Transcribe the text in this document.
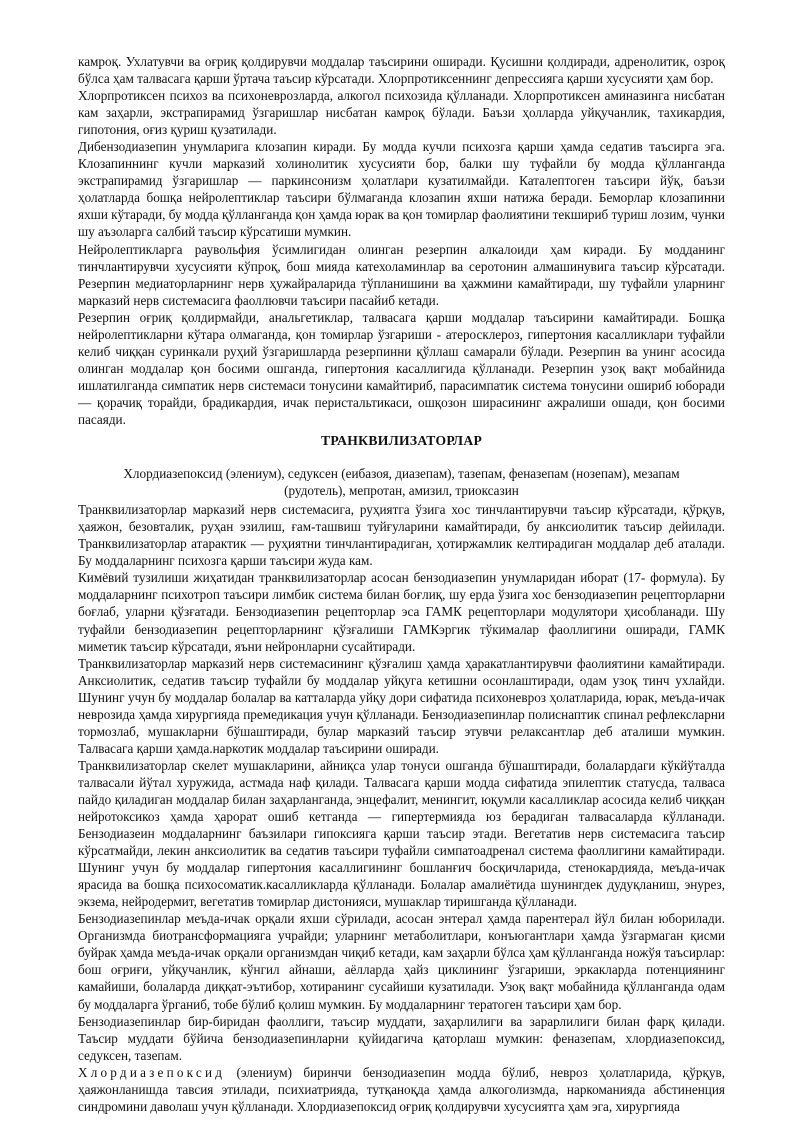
камроқ. Ухлатувчи ва оғриқ қолдирувчи моддалар таъсирини оширади. Қусишни қолдиради, адренолитик, озроқ бўлса ҳам талвасага қарши ўртача таъсир кўрсатади. Хлорпротиксеннинг депрессияга қарши хусусияти ҳам бор.

Хлорпротиксен психоз ва психоневрозларда, алкогол психозида қўлланади. Хлорпротиксен аминазинга нисбатан кам заҳарли, экстрапирамид ўзгаришлар нисбатан камроқ бўлади. Баъзи ҳолларда уйқучанлик, тахикардия, гипотония, оғиз қуриш қузатилади.

Дибензодиазепин унумларига клозапин киради. Бу модда кучли психозга қарши ҳамда седатив таъсирга эга. Клозапиннинг кучли марказий холинолитик хусусияти бор, балки шу туфайли бу модда қўлланганда экстрапирамид ўзгаришлар — паркинсонизм ҳолатлари кузатилмайди. Каталептоген таъсири йўқ, баъзи ҳолатларда бошқа нейролептиклар таъсири бўлмаганда клозапин яхши натижа беради. Беморлар клозапинни яхши кўтаради, бу модда қўлланганда қон ҳамда юрак ва қон томирлар фаолиятини текшириб туриш лозим, чунки шу аъзоларга салбий таъсир кўрсатиши мумкин.

Нейролептикларга раувольфия ўсимлигидан олинган резерпин алкалоиди ҳам киради. Бу модданинг тинчлантирувчи хусусияти кўпроқ, бош мияда катехоламинлар ва серотонин алмашинувига таъсир кўрсатади. Резерпин медиаторларнинг нерв ҳужайраларида тўпланишини ва ҳажмини камайтиради, шу туфайли уларнинг марказий нерв системасига фаоллювчи таъсири пасайиб кетади.

Резерпин оғриқ қолдирмайди, анальгетиклар, талвасага қарши моддалар таъсирини камайтиради. Бошқа нейролептикларни кўтара олмаганда, қон томирлар ўзгариши - атеросклероз, гипертония касалликлари туфайли келиб чиққан суринкали руҳий ўзгаришларда резерпинни қўллаш самарали бўлади. Резерпин ва унинг асосида олинган моддалар қон босими ошганда, гипертония касаллигида қўлланади. Резерпин узоқ вақт мобайнида ишлатилганда симпатик нерв системаси тонусини камайтириб, парасимпатик система тонусини ошириб юборади — қорачиқ торайди, брадикардия, ичак перистальтикаси, ошқозон ширасининг ажралиши ошади, қон босими пасаяди.

ТРАНКВИЛИЗАТОРЛАР
Хлордиазепоксид (элениум), седуксен (еибазоя, диазепам), тазепам, феназепам (нозепам), мезапам
(рудотель), мепротан, амизил, триоксазин

Транквилизаторлар марказий нерв системасига, руҳиятга ўзига хос тинчлантирувчи таъсир кўрсатади, қўрқув, ҳаяжон, безовталик, руҳан эзилиш, ғам-ташвиш туйғуларини камайтиради, бу анксиолитик таъсир дейилади. Транквилизаторлар атарактик — руҳиятни тинчлантирадиган, ҳотиржамлик келтирадиган моддалар деб аталади. Бу моддаларнинг психозга қарши таъсири жуда кам.

Кимёвий тузилиши жиҳатидан транквилизаторлар асосан бензодиазепин унумларидан иборат (17- формула). Бу моддаларнинг психотроп таъсири лимбик система билан боғлиқ, шу ерда ўзига хос бензодиазепин рецепторларни боғлаб, уларни қўзғатади. Бензодиазепин рецепторлар эса ГАМК рецепторлари модулятори ҳисобланади. Шу туфайли бензодиазепин рецепторларнинг қўзғалиши ГАМКэргик тўкималар фаоллигини оширади, ГАМК миметик таъсир кўрсатади, яъни нейронларни сусайтиради.

Транквилизаторлар марказий нерв системасининг қўзғалиш ҳамда ҳаракатлантирувчи фаолиятини камайтиради. Анксиолитик, седатив таъсир туфайли бу моддалар уйқуга кетишни осонлаштиради, одам узоқ тинч ухлайди. Шунинг учун бу моддалар болалар ва катталарда уйқу дори сифатида психоневроз ҳолатларида, юрак, меъда-ичак неврозида ҳамда хирургияда премедикация учун қўлланади. Бензодиазепинлар полиснаптик спинал рефлексларни тормозлаб, мушакларни бўшаштиради, булар марказий таъсир этувчи релаксантлар деб аталиши мумкин. Талвасага қарши ҳамда.наркотик моддалар таъсирини оширади.

Транквилизаторлар скелет мушакларини, айниқса улар тонуси ошганда бўшаштиради, болалардаги кўкйўталда талвасали йўтал хуружида, астмада наф қилади. Талвасага қарши модда сифатида эпилептик статусда, талваса пайдо қиладиган моддалар билан заҳарланганда, энцефалит, менингит, юқумли касалликлар асосида келиб чиққан нейротоксикоз ҳамда ҳарорат ошиб кетганда — гипертермияда юз берадиган талвасаларда кўлланади. Бензодиазеин моддаларнинг баъзилари гипоксияга қарши таъсир этади. Вегетатив нерв системасига таъсир кўрсатмайди, лекин анксиолитик ва седатив таъсири туфайли симпатоадренал система фаоллигини камайтиради. Шунинг учун бу моддалар гипертония касаллигининг бошланғич босқичларида, стенокардияда, меъда-ичак ярасида ва бошқа психосоматик.касалликларда қўлланади. Болалар амалиётида шунингдек дудуқланиш, энурез, экзема, нейродермит, вегетатив томирлар дистонияси, мушаклар тиришганда қўлланади.

Бензодиазепинлар меъда-ичак орқали яхши сўрилади, асосан энтерал ҳамда парентерал йўл билан юборилади. Организмда биотрансформацияга учрайди; уларнинг метаболитлари, конъюгантлари ҳамда ўзгармаган қисми буйрак ҳамда меъда-ичак орқали организмдан чиқиб кетади, кам заҳарли бўлса ҳам қўлланганда ножўя таъсирлар: бош оғриғи, уйқучанлик, кўнгил айнаши, аёлларда ҳайз циклининг ўзгариши, эркакларда потенциянинг камайиши, болаларда диққат-эътибор, хотиранинг сусайиши кузатилади. Узоқ вақт мобайнида қўлланганда одам бу моддаларга ўрганиб, тобе бўлиб қолиш мумкин. Бу моддаларнинг тератоген таъсири ҳам бор.

Бензодиазепинлар бир-биридан фаоллиги, таъсир муддати, заҳарлилиги ва зарарлилиги билан фарқ қилади. Таъсир муддати бўйича бензодиазепинларни қуйидагича қаторлаш мумкин: феназепам, хлордиазепоксид, седуксен, тазепам.

Хлордиазепоксид (элениум) биринчи бензодиазепин модда бўлиб, невроз ҳолатларида, қўрқув, ҳаяжонланишда тавсия этилади, психиатрияда, тутқаноқда ҳамда алкоголизмда, наркоманияда абстиненция синдромини даволаш учун қўлланади. Хлордиазепоксид оғриқ қолдирувчи хусусиятга ҳам эга, хирургияда
